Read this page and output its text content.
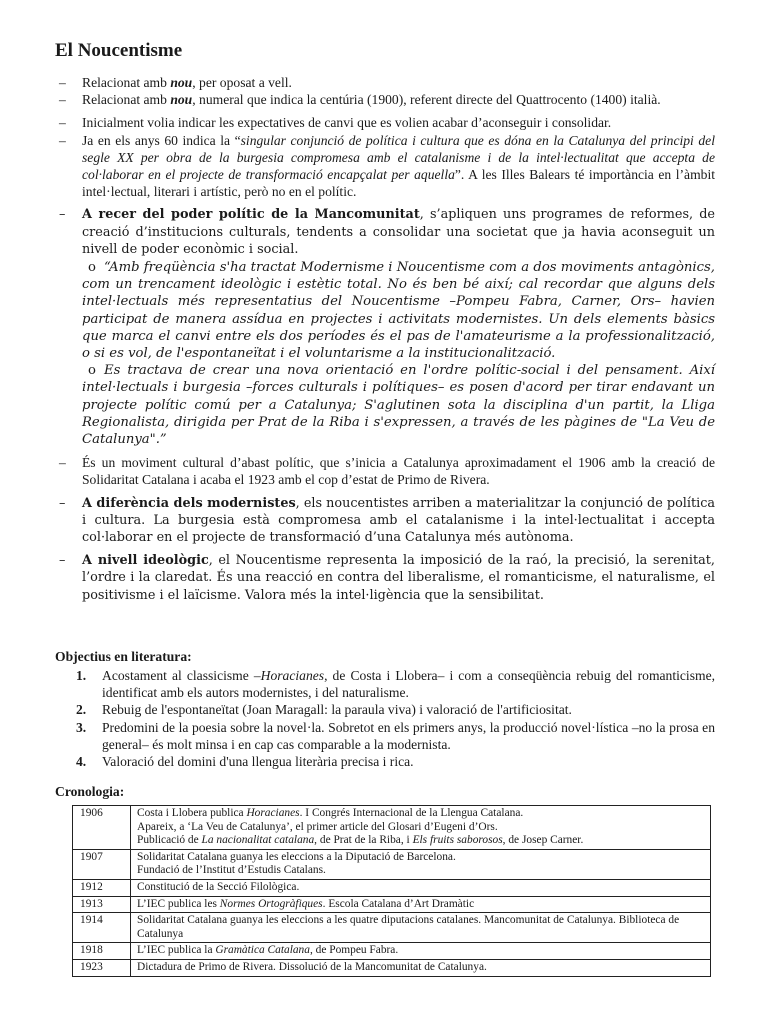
El Noucentisme
– Relacionat amb nou, per oposat a vell.
– Relacionat amb nou, numeral que indica la centúria (1900), referent directe del Quattrocento (1400) italià.
– Inicialment volia indicar les expectatives de canvi que es volien acabar d’aconseguir i consolidar.
– Ja en els anys 60 indica la “singular conjunció de política i cultura que es dóna en la Catalunya del principi del segle XX per obra de la burgesia compromesa amb el catalanisme i de la intel·lectualitat que accepta de col·laborar en el projecte de transformació encapçalat per aquella”. A les Illes Balears té importància en l’àmbit intel·lectual, literari i artístic, però no en el polític.
– A recer del poder polític de la Mancomunitat, s’apliquen uns programes de reformes, de creació d’institucions culturals, tendents a consolidar una societat que ja havia aconseguit un nivell de poder econòmic i social.
o “Amb freqüència s'ha tractat Modernisme i Noucentisme com a dos moviments antagònics, com un trencament ideològic i estètic total. No és ben bé així; cal recordar que alguns dels intel·lectuals més representatius del Noucentisme –Pompeu Fabra, Carner, Ors– havien participat de manera assídua en projectes i activitats modernistes. Un dels elements bàsics que marca el canvi entre els dos períodes és el pas de l'amateurisme a la professionalització, o si es vol, de l'espontaneïtat i el voluntarisme a la institucionalització.
o Es tractava de crear una nova orientació en l'ordre polític-social i del pensament. Així intel·lectuals i burgesia –forces culturals i polítiques– es posen d'acord per tirar endavant un projecte polític comú per a Catalunya; S'aglutinen sota la disciplina d'un partit, la Lliga Regionalista, dirigida per Prat de la Riba i s'expressen, a través de les pàgines de "La Veu de Catalunya".”
– És un moviment cultural d’abast polític, que s’inicia a Catalunya aproximadament el 1906 amb la creació de Solidaritat Catalana i acaba el 1923 amb el cop d’estat de Primo de Rivera.
– A diferència dels modernistes, els noucentistes arriben a materialitzar la conjunció de política i cultura. La burgesia està compromesa amb el catalanisme i la intel·lectualitat i accepta col·laborar en el projecte de transformació d’una Catalunya més autònoma.
– A nivell ideològic, el Noucentisme representa la imposició de la raó, la precisió, la serenitat, l’ordre i la claredat. És una reacció en contra del liberalisme, el romanticisme, el naturalisme, el positivisme i el laïcisme. Valora més la intel·ligència que la sensibilitat.
Objectius en literatura:
1. Acostament al classicisme –Horacianes, de Costa i Llobera– i com a conseqüència rebuig del romanticisme, identificat amb els autors modernistes, i del naturalisme.
2. Rebuig de l'espontaneïtat (Joan Maragall: la paraula viva) i valoració de l'artificiositat.
3. Predomini de la poesia sobre la novel·la. Sobretot en els primers anys, la producció novel·lística –no la prosa en general– és molt minsa i en cap cas comparable a la modernista.
4. Valoració del domini d'una llengua literària precisa i rica.
Cronologia:
1906	Costa i Llobera publica Horacianes. I Congrés Internacional de la Llengua Catalana.
Apareix, a ‘La Veu de Catalunya’, el primer article del Glosari d’Eugeni d’Ors.
Publicació de La nacionalitat catalana, de Prat de la Riba, i Els fruits saborosos, de Josep Carner.

1907	Solidaritat Catalana guanya les eleccions a la Diputació de Barcelona.
Fundació de l’Institut d’Estudis Catalans.

1912	Constitució de la Secció Filològica.
1913	L’IEC publica les Normes Ortogràfiques. Escola Catalana d’Art Dramàtic
1914	Solidaritat Catalana guanya les eleccions a les quatre diputacions catalanes. Mancomunitat de Catalunya. Biblioteca de Catalunya
1918	L’IEC publica la Gramàtica Catalana, de Pompeu Fabra.
1923	Dictadura de Primo de Rivera. Dissolució de la Mancomunitat de Catalunya.
